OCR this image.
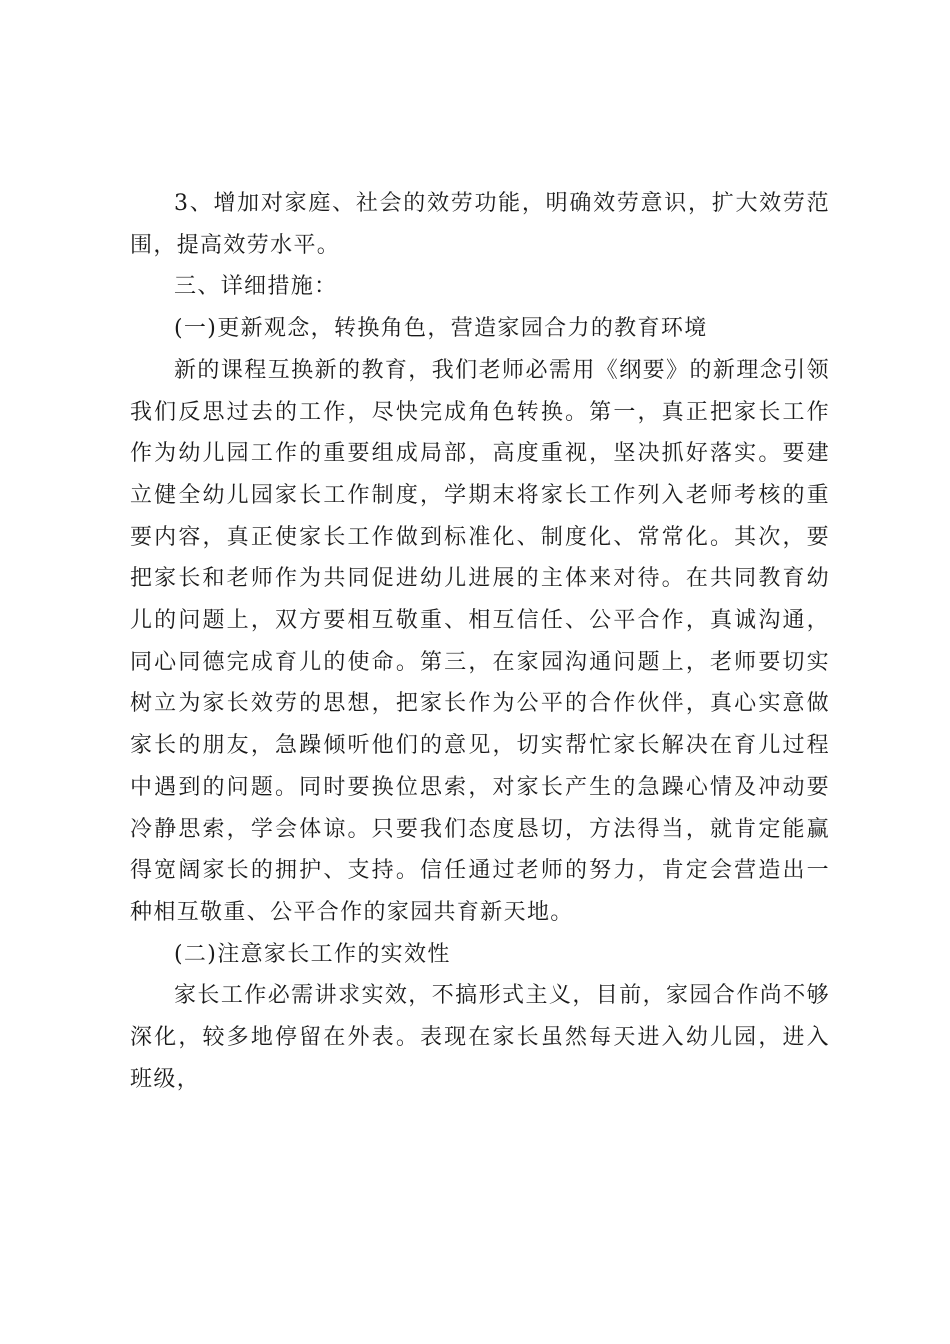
3、增加对家庭、社会的效劳功能，明确效劳意识，扩大效劳范围，提高效劳水平。

三、详细措施：

(一)更新观念，转换角色，营造家园合力的教育环境

新的课程互换新的教育，我们老师必需用《纲要》的新理念引领我们反思过去的工作，尽快完成角色转换。第一，真正把家长工作作为幼儿园工作的重要组成局部，高度重视，坚决抓好落实。要建立健全幼儿园家长工作制度，学期末将家长工作列入老师考核的重要内容，真正使家长工作做到标准化、制度化、常常化。其次，要把家长和老师作为共同促进幼儿进展的主体来对待。在共同教育幼儿的问题上，双方要相互敬重、相互信任、公平合作，真诚沟通，同心同德完成育儿的使命。第三，在家园沟通问题上，老师要切实树立为家长效劳的思想，把家长作为公平的合作伙伴，真心实意做家长的朋友，急躁倾听他们的意见，切实帮忙家长解决在育儿过程中遇到的问题。同时要换位思索，对家长产生的急躁心情及冲动要冷静思索，学会体谅。只要我们态度恳切，方法得当，就肯定能赢得宽阔家长的拥护、支持。信任通过老师的努力，肯定会营造出一种相互敬重、公平合作的家园共育新天地。

(二)注意家长工作的实效性

家长工作必需讲求实效，不搞形式主义，目前，家园合作尚不够深化，较多地停留在外表。表现在家长虽然每天进入幼儿园，进入班级，
